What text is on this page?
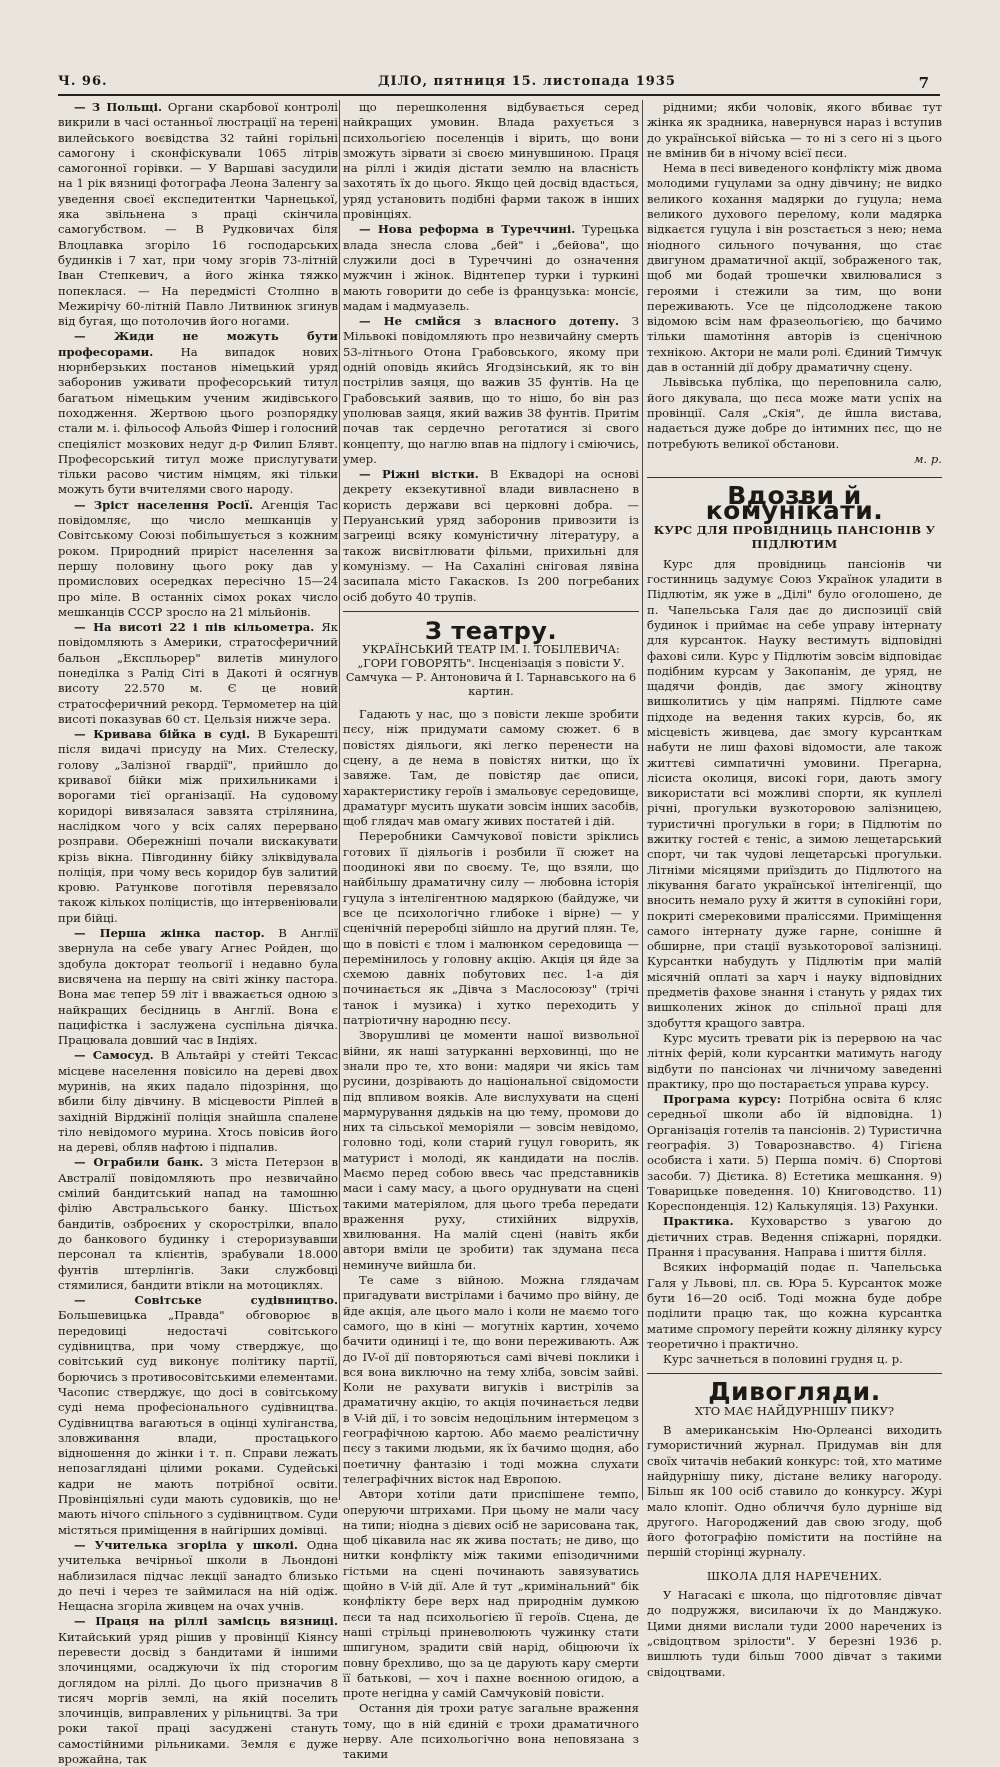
Ч. 96.	ДІЛО, пятниця 15. листопада 1935	7

— З Польщі. Органи скарбової контролі викрили в часі останньої люстрації на терені вилейського воєвідства 32 тайні горільні самогону і сконфіскували 1065 літрів самогонної горівки. — У Варшаві засудили на 1 рік вязниці фотографа Леона Заленгу за уведення своєї експедитентки Чарнецької, яка звільнена з праці скінчила самогубством. — В Рудковичах біля Влоцлавка згоріло 16 господарських будинків і 7 хат, при чому згорів 73-літній Іван Степкевич, а його жінка тяжко попеклася. — На передмісті Столпно в Межирічу 60-літній Павло Литвинюк згинув від бугая, що потолочив його ногами.

— Жиди не можуть бути професорами. На випадок нових нюрнберзьких постанов німецький уряд заборонив уживати професорський титул багатьом німецьким ученим жидівського походження. Жертвою цього розпорядку стали м. і. фільософ Альойз Фішер і голосний спеціяліст мозкових недуг д-р Филип Блявт. Професорський титул може прислугувати тільки расово чистим німцям, які тільки можуть бути вчителями свого народу.

— Зріст населення Росії. Агенція Тас повідомляє, що число мешканців у Совітському Союзі побільшується з кожним роком. Природний приріст населення за першу половину цього року дав у промислових осередках пересічно 15—24 про міле. В останніх сімох роках число мешканців СССР зросло на 21 мільйонів.

— На висоті 22 і пів кільометра. Як повідомляють з Америки, стратосферичний бальон „Експльорер" вилетів минулого понеділка з Ралід Сіті в Дакоті й осягнув висоту 22.570 м. Є це новий стратосферичний рекорд. Термометер на цій висоті показував 60 ст. Цельзія нижче зера.

— Кривава бійка в суді. В Букарешті після видачі присуду на Мих. Стелеску, голову „Залізної гвардії", прийшло до кривавої бійки між прихильниками і ворогами тієї організації. На судовому коридорі вивязалася завзята стрілянина, наслідком чого у всіх салях перервано розправи. Обережніші почали вискакувати крізь вікна. Півгодинну бійку зліквідувала поліція, при чому весь коридор був залитий кровю. Ратункове поготівля перевязало також кількох поліцистів, що інтервеніювали при бійці.

— Перша жінка пастор. В Англії звернула на себе увагу Агнес Ройден, що здобула докторат теольогії і недавно була висвячена на першу на світі жінку пастора. Вона має тепер 59 літ і вважається одною з найкращих бесідниць в Англії. Вона є пацифістка і заслужена суспільна діячка. Працювала довший час в Індіях.

— Самосуд. В Альтайрі у стейті Тексас місцеве населення повісило на дереві двох муринів, на яких падало підозріння, що вбили білу дівчину. В місцевости Ріплей в західній Вірджінії поліція знайшла спалене тіло невідомого мурина. Хтось повісив його на дереві, обляв нафтою і підпалив.

— Ограбили банк. З міста Петерзон в Австралії повідомляють про незвичайно смілий бандитський напад на тамошню філію Австральського банку. Шістьох бандитів, озброєних у скорострілки, впало до банкового будинку і стероризувавши персонал та клієнтів, зрабували 18.000 фунтів штерлінгів. Заки службовці стямилися, бандити втікли на мотоциклях.

— Совітське судівництво. Большевицька „Правда" обговорює в передовиці недостачі совітського судівництва, при чому стверджує, що совітський суд виконує політику партії, борючись з противосовітськими елементами. Часопис стверджує, що досі в совітському суді нема професіонального судівництва. Судівництва вагаються в оцінці хуліганства, зловживання влади, простацького відношення до жінки і т. п. Справи лежать непозаглядані цілими роками. Судейські кадри не мають потрібної освіти. Провінціяльні суди мають судовиків, що не мають нічого спільного з судівництвом. Суди містяться приміщення в найгірших домівці.

— Учителька згоріла у школі. Одна учителька вечірньої школи в Льондоні наблизилася підчас лекції занадто близько до печі і через те займилася на ній одіж. Нещасна згоріла живцем на очах учнів.

— Праця на ріллі замісць вязниці. Китайський уряд рішив у провінції Кіянсу перевести досвід з бандитами й іншими злочинцями, осаджуючи їх під сторогим доглядом на ріллі. До цього призначив 8 тисяч моргів землі, на якій поселить злочинців, виправлених у рільництві. За три роки такої праці засуджені стануть самостійними рільниками. Земля є дуже врожайна, так

що перешколення відбувається серед найкращих умовин. Влада рахується з психольогією поселенців і вірить, що вони зможуть зірвати зі своєю минувшиною. Праця на ріллі і жидія дістати землю на власність захотять їх до цього. Якщо цей досвід вдасться, уряд установить подібні фарми також в інших провінціях.

— Нова реформа в Туреччині. Турецька влада знесла слова „бей" і „бейова", що служили досі в Туреччині до означення мужчин і жінок. Віднтепер турки і туркині мають говорити до себе із французька: монсіє, мадам і мадмуазель.

— Не смійся з власного дотепу. З Мільвокі повідомляють про незвичайну смерть 53-літнього Отона Грабовського, якому при одній оповідь якийсь Ягодзінський, як то він пострілив заяця, що важив 35 фунтів. На це Грабовський заявив, що то нішо, бо він раз уполював заяця, який важив 38 фунтів. Притім почав так сердечно реготатися зі свого концепту, що наглю впав на підлогу і сміючись, умер.

— Ріжні вістки. В Еквадорі на основі декрету екзекутивної влади вивласнено в користь держави всі церковні добра. — Перуанський уряд заборонив привозити із загреиці всяку комуністичну літературу, а також висвітлювати фільми, прихильні для комунізму. — На Сахаліні сніговая лявіна засипала місто Гакасков. Із 200 погребаних осіб добуто 40 трупів.

З театру.
УКРАЇНСЬКИЙ ТЕАТР ІМ. І. ТОБІЛЕВИЧА: „ГОРИ ГОВОРЯТЬ". Інсценізація з повісти У. Самчука — Р. Антоновича й І. Тарнавського на 6 картин.

Гадають у нас, що з повісти лекше зробити пєсу, ніж придумати самому сюжет. 6 в повістях діяльоги, які легко перенести на сцену, а де нема в повістях нитки, що їх завяже. Там, де повістяр дає описи, характеристику героїв і змальовує середовище, драматург мусить шукати зовсім інших засобів, щоб глядач мав омагу живих постатей і дій.

Переробники Самчукової повісти зріклись готових її діяльогів і розбили її сюжет на поодинокі яви по своєму. Те, що взяли, що найбільшу драматичну силу — любовна історія гуцула з інтелігентною мадяркою (байдуже, чи все це психологічно глибоке і вірне) — у сценічній переробці зійшло на другий плян. Те, що в повісті є тлом і малюнком середовища — перемінилось у головну акцію. Акція ця йде за схемою давніх побутових пєс. 1-а дія починається як „Дівча з Маслосоюзу" (трічі танок і музика) і хутко переходить у патріотичну народню пєсу.

Зворушливі це моменти нашої визвольної війни, як наші затурканні верховинці, що не знали про те, хто вони: мадяри чи якісь там русини, дозрівають до національної свідомости під впливом вояків. Але вислухувати на сцені мармурування дядьків на цю тему, промови до них та сільської меморіяли — зовсім невідомо, головно тоді, коли старий гуцул говорить, як матурист і молоді, як кандидати на послів. Маємо перед собою ввесь час представників маси і саму масу, а цього оруднувати на сцені такими матеріялом, для цього треба передати враження руху, стихійних відрухів, хвилювання. На малій сцені (навіть якби автори вміли це зробити) так здумана пєса неминуче вийшла би.

Те саме з війною. Можна глядачам пригадувати вистрілами і бачимо про війну, де йде акція, але цього мало і коли не маємо того самого, що в кіні — могутніх картин, хочемо бачити одиниці і те, що вони переживають. Аж до IV-ої дії повторяються самі вічеві поклики і вся вона виключно на тему хліба, зовсім зайві. Коли не рахувати вигуків і вистрілів за драматичну акцію, то акція починається ледви в V-ій дії, і то зовсім недоцільним інтермецом з географічною картою. Або маємо реалістичну пєсу з такими людьми, як їх бачимо щодня, або поетичну фантазію і тоді можна слухати телеграфічних вісток над Европою.

Автори хотіли дати приспішене темпо, оперуючи штрихами. При цьому не мали часу на типи; ніодна з дієвих осіб не зарисована так, щоб цікавила нас як жива постать; не диво, що нитки конфлікту між такими епізодичними гістьми на сцені починають завязуватись щойно в V-ій дії. Але й тут „кримінальний" бік конфлікту бере верх над природнім думкою пєси та над психольогією її героїв. Сцена, де наші стрільці приневолюють чужинку стати шпигуном, зрадити свій нарід, обіцюючи їх повну брехливо, що за це дарують кару смерти її батькові, — хоч і пахне воєнною огидою, а проте негідна у самій Самчуковій повісти.

Остання дія трохи ратує загальне враження тому, що в ній єдиній є трохи драматичного нерву. Але психольогічно вона неповязана з такими

рідними; якби чоловік, якого вбиває тут жінка як зрадника, навернувся нараз і вступив до української війська — то ні з сего ні з цього не вмінив би в нічому всієї пєси.

Нема в пєсі виведеного конфлікту між двома молодими гуцулами за одну дівчину; не видко великого кохання мадярки до гуцула; нема великого духового перелому, коли мадярка відкаєтся гуцула і він розстається з нею; нема ніодного сильного почування, що стає двигуном драматичної акції, зображеного так, щоб ми бодай трошечки хвилювалися з героями і стежили за тим, що вони переживають. Усе це підсолоджене такою відомою всім нам фразеольогією, що бачимо тільки шамотіння авторів із сценічною технікою. Актори не мали ролі. Єдиний Тимчук дав в останній дії добру драматичну сцену.

Львівська публіка, що переповнила салю, його дякувала, що пєса може мати успіх на провінції. Саля „Скія", де йшла вистава, надається дуже добре до інтимних пєс, що не потребують великої обстанови.

м. р.
Вдозви й комунікати.
КУРС ДЛЯ ПРОВІДНИЦЬ ПАНСІОНІВ У ПІДЛЮТИМ

Курс для провідниць пансіонів чи гостинниць задумує Союз Українок уладити в Підлютім, як уже в „Ділі" було оголошено, де п. Чапельська Галя дає до диспозиції свій будинок і приймає на себе управу інтернату для курсанток. Науку вестимуть відповідні фахові сили. Курс у Підлютім зовсім відповідає подібним курсам у Закопанім, де уряд, не щадячи фондів, дає змогу жіноцтву вишколитись у цім напрямі. Підлюте саме підходе на ведення таких курсів, бо, як місцевість живцева, дає змогу курсанткам набути не лиш фахові відомости, але також життєві симпатичні умовини. Прегарна, лісиста околиця, високі гори, дають змогу використати всі можливі спорти, як куплелі річні, прогульки вузкоторовою залізницею, туристичні прогульки в гори; в Підлютім по вжитку гостей є теніс, а зимою лещетарський спорт, чи так чудові лещетарські прогульки. Літніми місяцями приїздить до Підлютого на лікування багато української інтелігенції, що вносить немало руху й життя в супокійні гори, покриті смерековими праліссями. Приміщення самого інтернату дуже гарне, сонішне й обширне, при стації вузькоторової залізниці. Курсантки набудуть у Підлютім при малій місячній оплаті за харч і науку відповідних предметів фахове знання і стануть у рядах тих вишколених жінок до спільної праці для здобуття кращого завтра.

Курс мусить тревати рік із перервою на час літніх ферій, коли курсантки матимуть нагоду відбути по пансіонах чи лічничому заведенні практику, про що постарається управа курсу.

Програма курсу: Потрібна освіта 6 кляс середньої школи або їй відповідна. 1) Організація готелів та пансіонів. 2) Туристична географія. 3) Товарознавство. 4) Гігієна особиста і хати. 5) Перша поміч. 6) Спортові засоби. 7) Дієтика. 8) Естетика мешкання. 9) Товарицьке поведення. 10) Книговодство. 11) Кореспонденція. 12) Калькуляція. 13) Рахунки.

Практика. Куховарство з увагою до дієтичних страв. Ведення спіжарні, порядки. Прання і прасування. Направа і шиття білля.

Всяких інформацій подає п. Чапельська Галя у Львові, пл. св. Юра 5. Курсанток може бути 16—20 осіб. Тоді можна буде добре поділити працю так, що кожна курсантка матиме спромогу перейти кожну ділянку курсу теоретично і практично.

Курс зачнеться в половині грудня ц. р.

Дивогляди.
ХТО МАЄ НАЙДУРНІШУ ПИКУ?

В американськім Ню-Орлеансі виходить гумористичний журнал. Придумав він для своїх читачів небакий конкурс: той, хто матиме найдурнішу пику, дістане велику нагороду. Більш як 100 осіб ставило до конкурсу. Журі мало клопіт. Одно обличчя було дурніше від другого. Нагороджений дав свою згоду, щоб його фотографію помістити на постійне на першій сторінці журналу.

ШКОЛА ДЛЯ НАРЕЧЕНИХ.

У Нагасакі є школа, що підготовляє дівчат до подружжя, висилаючи їх до Манджуко. Цими днями вислали туди 2000 наречених із „свідоцтвом зрілости". У березні 1936 р. вишлють туди більш 7000 дівчат з такими свідоцтвами.
